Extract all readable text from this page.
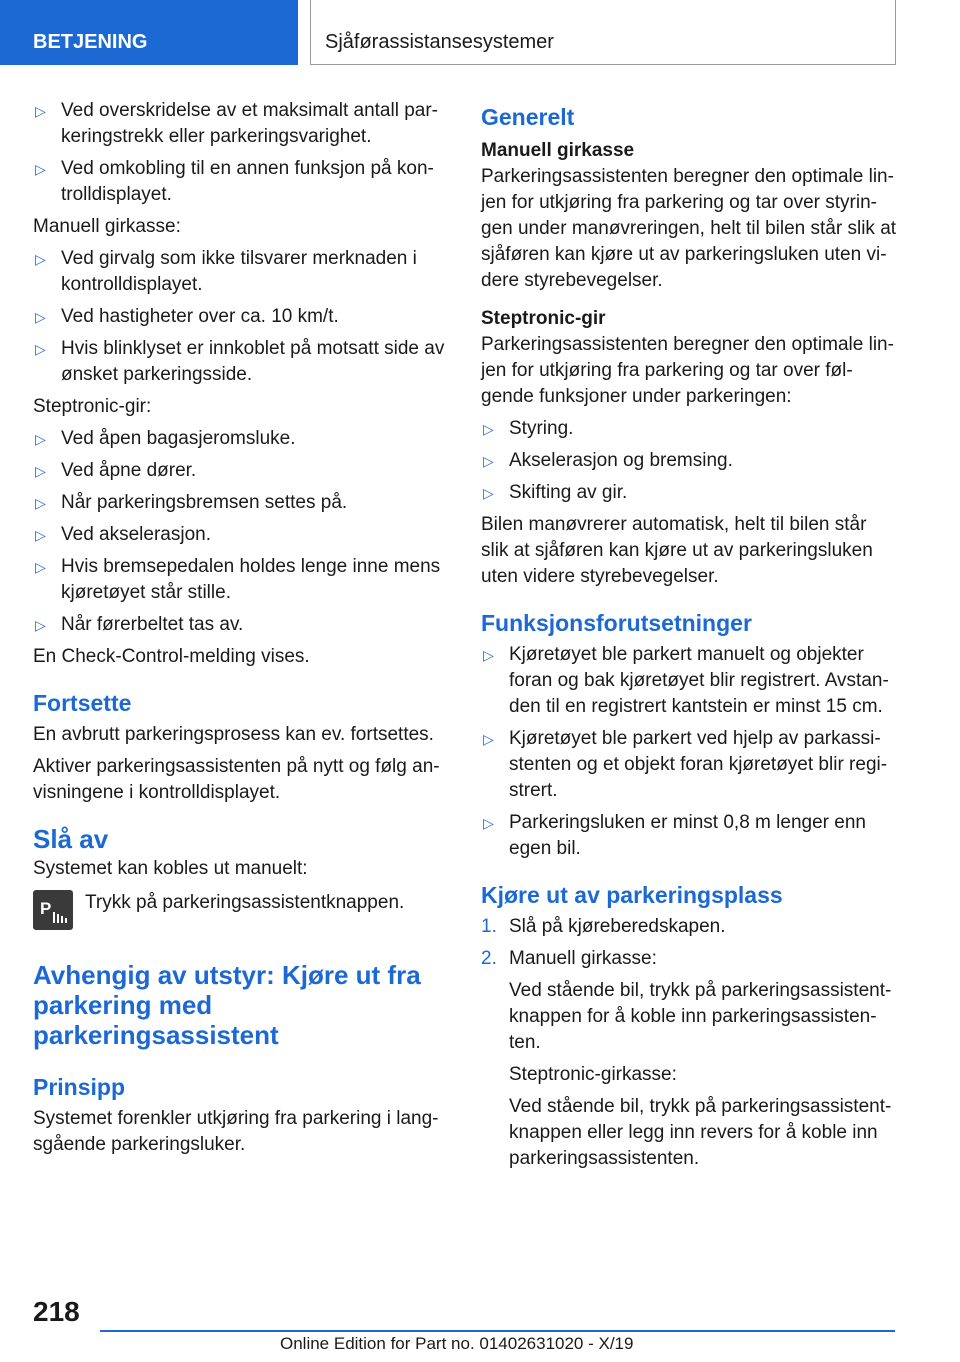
BETJENING	Sjåførassistansesystemer
▷ Ved overskridelse av et maksimalt antall parkeringstrekk eller parkeringsvarighet.
▷ Ved omkobling til en annen funksjon på kontrolldisplayet.

Manuell girkasse:

▷ Ved girvalg som ikke tilsvarer merknaden i kontrolldisplayet.
▷ Ved hastigheter over ca. 10 km/t.
▷ Hvis blinklyset er innkoblet på motsatt side av ønsket parkeringsside.

Steptronic-gir:

▷ Ved åpen bagasjeromsluke.
▷ Ved åpne dører.
▷ Når parkeringsbremsen settes på.
▷ Ved akselerasjon.
▷ Hvis bremsepedalen holdes lenge inne mens kjøretøyet står stille.
▷ Når førerbeltet tas av.

En Check-Control-melding vises.

Fortsette

En avbrutt parkeringsprosess kan ev. fortsettes.

Aktiver parkeringsassistenten på nytt og følg anvisningene i kontrolldisplayet.

Slå av

Systemet kan kobles ut manuelt:

P Trykk på parkeringsassistentknappen.
Avhengig av utstyr: Kjøre ut fra parkering med parkeringsassistent
Prinsipp

Systemet forenkler utkjøring fra parkering i langsgående parkeringsluker.

Generelt
Manuell girkasse

Parkeringsassistenten beregner den optimale linjen for utkjøring fra parkering og tar over styringen under manøvreringen, helt til bilen står slik at sjåføren kan kjøre ut av parkeringsluken uten videre styrebevegelser.

Steptronic-gir

Parkeringsassistenten beregner den optimale linjen for utkjøring fra parkering og tar over følgende funksjoner under parkeringen:

▷ Styring.
▷ Akselerasjon og bremsing.
▷ Skifting av gir.

Bilen manøvrerer automatisk, helt til bilen står slik at sjåføren kan kjøre ut av parkeringsluken uten videre styrebevegelser.

Funksjonsforutsetninger
▷ Kjøretøyet ble parkert manuelt og objekter foran og bak kjøretøyet blir registrert. Avstanden til en registrert kantstein er minst 15 cm.
▷ Kjøretøyet ble parkert ved hjelp av parkassistenten og et objekt foran kjøretøyet blir registrert.
▷ Parkeringsluken er minst 0,8 m lenger enn egen bil.
Kjøre ut av parkeringsplass
1. Slå på kjøreberedskapen.
2. Manuell girkasse:

Ved stående bil, trykk på parkeringsassistentknappen for å koble inn parkeringsassistenten.

Steptronic-girkasse:

Ved stående bil, trykk på parkeringsassistentknappen eller legg inn revers for å koble inn parkeringsassistenten.

218
Online Edition for Part no. 01402631020 - X/19
